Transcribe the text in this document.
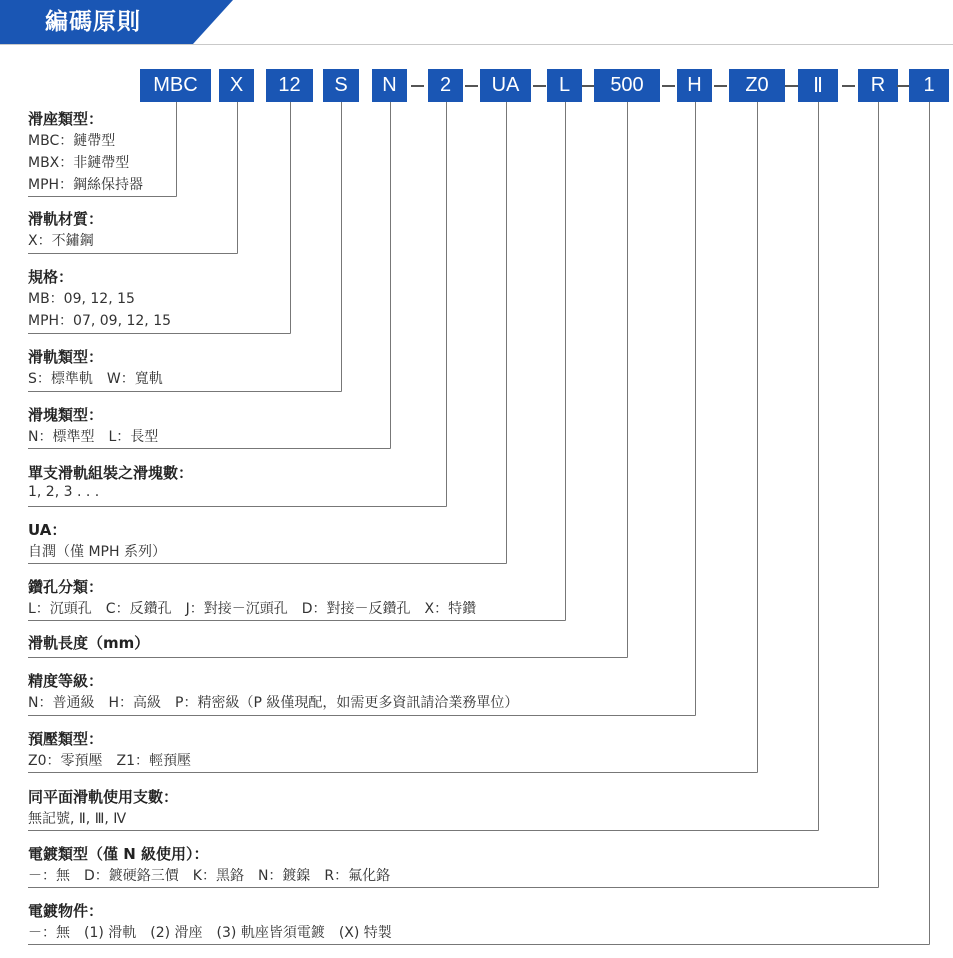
編碼原則
MBC	X	12	S	N	2	UA	L	500	H	Z0	Ⅱ	R	1
滑座類型：
MBC：鏈帶型
MBX：非鏈帶型
MPH：鋼絲保持器
滑軌材質：
X：不鏽鋼
規格：
MB：09, 12, 15
MPH：07, 09, 12, 15
滑軌類型：
S：標準軌　W：寬軌
滑塊類型：
N：標準型　L：長型
單支滑軌組裝之滑塊數：
1, 2, 3 . . .
UA：
自潤（僅 MPH 系列）
鑽孔分類：
L：沉頭孔　C：反鑽孔　J：對接－沉頭孔　D：對接－反鑽孔　X：特鑽
滑軌長度（mm）
精度等級：
N：普通級　H：高級　P：精密級（P 級僅現配，如需更多資訊請洽業務單位）
預壓類型：
Z0：零預壓　Z1：輕預壓
同平面滑軌使用支數：
無記號, Ⅱ, Ⅲ, Ⅳ
電鍍類型（僅 N 級使用）：
－：無　D：鍍硬鉻三價　K：黑鉻　N：鍍鎳　R：氟化鉻
電鍍物件：
－：無　(1) 滑軌　(2) 滑座　(3) 軌座皆須電鍍　(X) 特製
